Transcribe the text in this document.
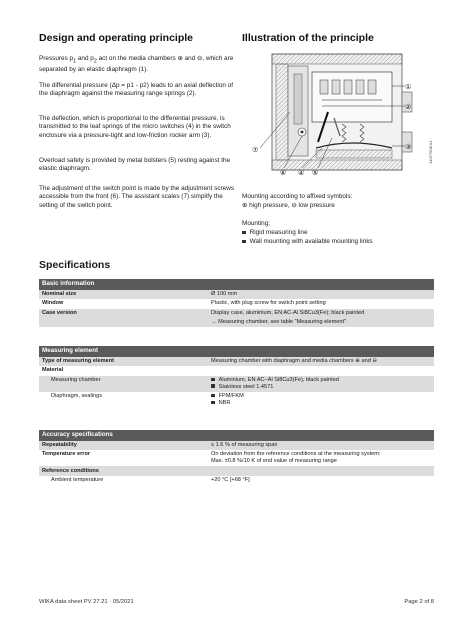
Design and operating principle
Pressures $p_1$ and $p_2$ act on the media chambers ⊕ and ⊖, which are separated by an elastic diaphragm (1).
The differential pressure (Δp = p1 - p2) leads to an axial deflection of the diaphragm against the measuring range springs (2).
The deflection, which is proportional to the differential pressure, is transmitted to the leaf springs of the micro switches (4) in the switch enclosure via a pressure-tight and low-friction rocker arm (3).
Overload safety is provided by metal bolsters (5) resting against the elastic diaphragm.
The adjustment of the switch point is made by the adjustment screws accessible from the front (6). The assistant scales (7) simplify the setting of the switch point.
Illustration of the principle
①
②
③
④ ⑤
⑥
⑦	14077608.01
Mounting according to affixed symbols:
⊕ high pressure, ⊖ low pressure
Mounting:
Rigid measuring line
Wall mounting with available mounting links
Specifications
Basic information	
Nominal size	Ø 100 mm
Window	Plastic, with plug screw for switch point setting
Case version	Display case, aluminium, EN AC-Al Si8Cu3(Fe); black painted
	→ Measuring chamber, see table “Measuring element”
Measuring element	
Type of measuring element	Measuring chamber with diaphragm and media chambers ⊕ and ⊖
Material	
Measuring chamber	Aluminium, EN AC–Al Si8Cu3(Fe), black painted
Stainless steel 1.4571

Diaphragm, sealings	FPM/FKM
NBR
Accuracy specifications	
Repeatability	≤ 1.6 % of measuring span
Temperature error	On deviation from the reference conditions at the measuring system:
Max. ±0.8 %/10 K of end value of measuring range

Reference conditions	
Ambient temperature	+20 °C [+68 °F]
WIKA data sheet PV 27.21 · 05/2021	Page 2 of 8
